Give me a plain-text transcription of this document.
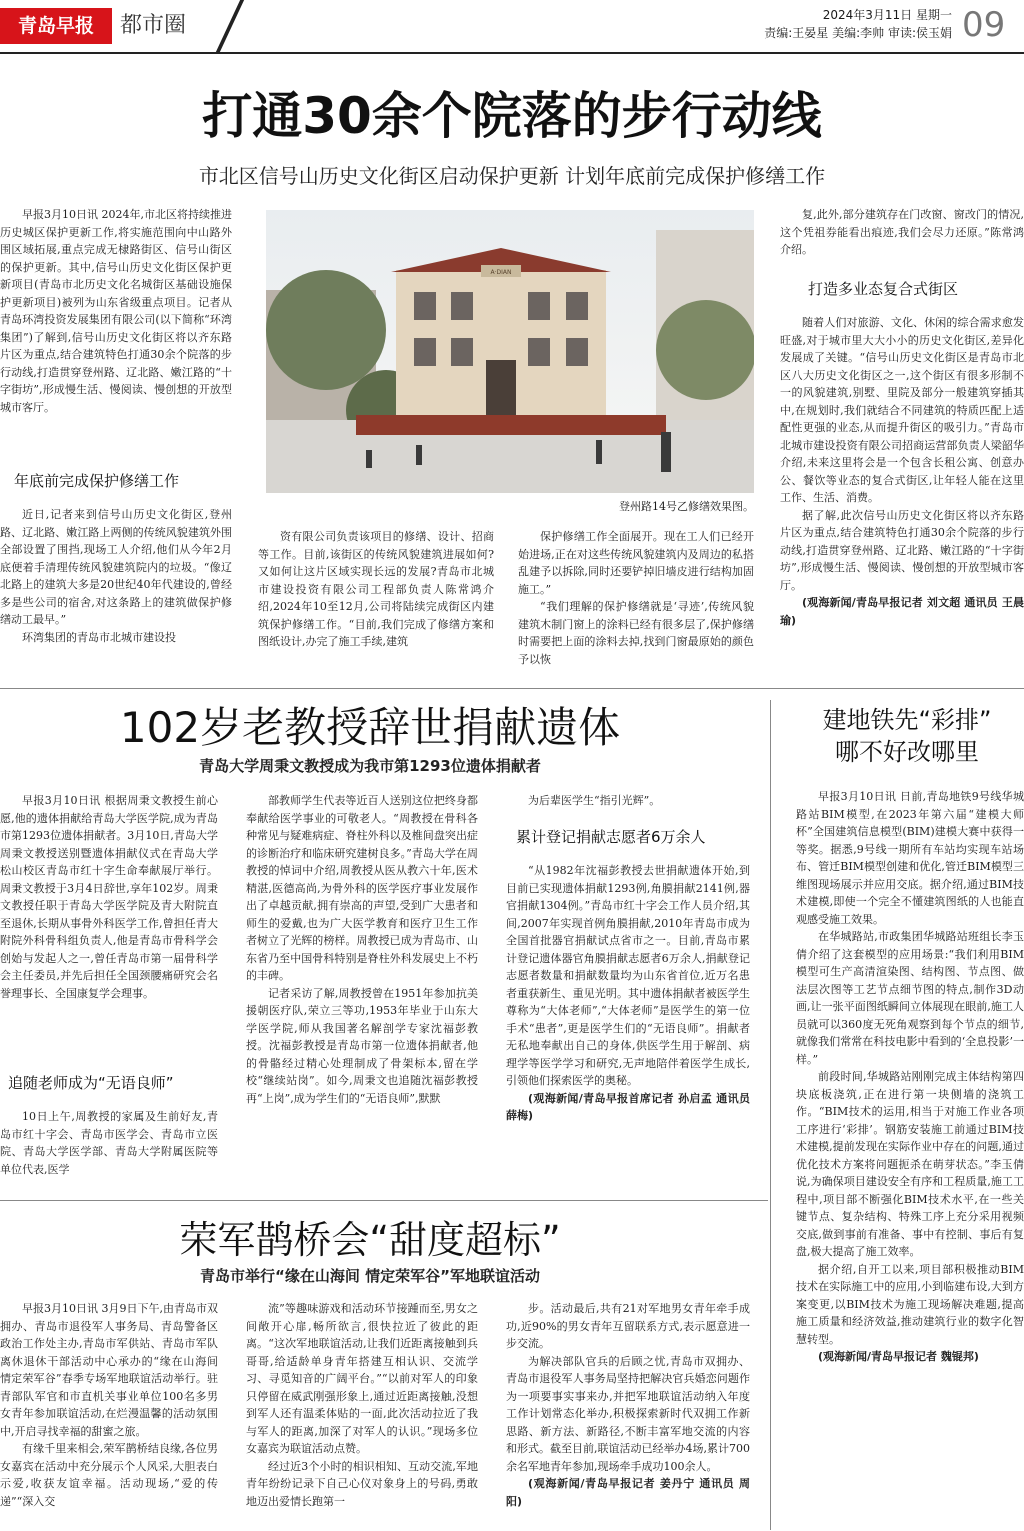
青岛早报	都市圈	2024年3月11日 星期一
责编:王晏星 美编:李帅 审读:侯玉娟 09
打通30余个院落的步行动线
市北区信号山历史文化街区启动保护更新 计划年底前完成保护修缮工作

早报3月10日讯 2024年,市北区将持续推进历史城区保护更新工作,将实施范围向中山路外围区域拓展,重点完成无棣路街区、信号山街区的保护更新。其中,信号山历史文化街区保护更新项目(青岛市北历史文化名城街区基础设施保护更新项目)被列为山东省级重点项目。记者从青岛环湾投资发展集团有限公司(以下简称“环湾集团”)了解到,信号山历史文化街区将以齐东路片区为重点,结合建筑特色打通30余个院落的步行动线,打造贯穿登州路、辽北路、嫩江路的“十字街坊”,形成慢生活、慢阅读、慢创想的开放型城市客厅。

年底前完成保护修缮工作

近日,记者来到信号山历史文化街区,登州路、辽北路、嫩江路上两侧的传统风貌建筑外围全部设置了围挡,现场工人介绍,他们从今年2月底便着手清理传统风貌建筑院内的垃圾。“像辽北路上的建筑大多是20世纪40年代建设的,曾经多是些公司的宿舍,对这条路上的建筑做保护修缮动工最早。”

环湾集团的青岛市北城市建设投

A·DIAN
登州路14号乙修缮效果图。

资有限公司负责该项目的修缮、设计、招商等工作。目前,该街区的传统风貌建筑进展如何?又如何让这片区域实现长远的发展?青岛市北城市建设投资有限公司工程部负责人陈常鸿介绍,2024年10至12月,公司将陆续完成街区内建筑保护修缮工作。“目前,我们完成了修缮方案和图纸设计,办完了施工手续,建筑

保护修缮工作全面展开。现在工人们已经开始进场,正在对这些传统风貌建筑内及周边的私搭乱建予以拆除,同时还要铲掉旧墙皮进行结构加固施工。”

“我们理解的保护修缮就是‘寻迹’,传统风貌建筑木制门窗上的涂料已经有很多层了,保护修缮时需要把上面的涂料去掉,找到门窗最原始的颜色予以恢

复,此外,部分建筑存在门改窗、窗改门的情况,这个凭祖券能看出痕迹,我们会尽力还原。”陈常鸿介绍。

打造多业态复合式街区

随着人们对旅游、文化、休闲的综合需求愈发旺盛,对于城市里大大小小的历史文化街区,差异化发展成了关键。“信号山历史文化街区是青岛市北区八大历史文化街区之一,这个街区有很多形制不一的风貌建筑,别墅、里院及部分一般建筑穿插其中,在规划时,我们就结合不同建筑的特质匹配上适配性更强的业态,从而提升街区的吸引力。”青岛市北城市建设投资有限公司招商运营部负责人梁韶华介绍,未来这里将会是一个包含长租公寓、创意办公、餐饮等业态的复合式街区,让年轻人能在这里工作、生活、消费。

据了解,此次信号山历史文化街区将以齐东路片区为重点,结合建筑特色打通30余个院落的步行动线,打造贯穿登州路、辽北路、嫩江路的“十字街坊”,形成慢生活、慢阅读、慢创想的开放型城市客厅。

(观海新闻/青岛早报记者 刘文超 通讯员 王晨瑜)

102岁老教授辞世捐献遗体
青岛大学周秉文教授成为我市第1293位遗体捐献者

早报3月10日讯 根据周秉文教授生前心愿,他的遗体捐献给青岛大学医学院,成为青岛市第1293位遗体捐献者。3月10日,青岛大学周秉文教授送别暨遗体捐献仪式在青岛大学松山校区青岛市红十字生命奉献展厅举行。周秉文教授于3月4日辞世,享年102岁。周秉文教授任职于青岛大学医学院及青大附院直至退休,长期从事骨外科医学工作,曾担任青大附院外科骨科组负责人,他是青岛市骨科学会创始与发起人之一,曾任青岛市第一届骨科学会主任委员,并先后担任全国颈腰痛研究会名誉理事长、全国康复学会理事。

追随老师成为“无语良师”

10日上午,周教授的家属及生前好友,青岛市红十字会、青岛市医学会、青岛市立医院、青岛大学医学部、青岛大学附属医院等单位代表,医学

部教师学生代表等近百人送别这位把终身都奉献给医学事业的可敬老人。“周教授在骨科各种常见与疑难病症、脊柱外科以及椎间盘突出症的诊断治疗和临床研究建树良多。”青岛大学在周教授的悼词中介绍,周教授从医从教六十年,医术精湛,医德高尚,为骨外科的医学医疗事业发展作出了卓越贡献,拥有崇高的声望,受到广大患者和师生的爱戴,也为广大医学教育和医疗卫生工作者树立了光辉的榜样。周教授已成为青岛市、山东省乃至中国骨科特别是脊柱外科发展史上不朽的丰碑。

记者采访了解,周教授曾在1951年参加抗美援朝医疗队,荣立三等功,1953年毕业于山东大学医学院,师从我国著名解剖学专家沈福彭教授。沈福彭教授是青岛市第一位遗体捐献者,他的骨骼经过精心处理制成了骨架标本,留在学校“继续站岗”。如今,周秉文也追随沈福彭教授再“上岗”,成为学生们的“无语良师”,默默

为后辈医学生“指引光辉”。

累计登记捐献志愿者6万余人

“从1982年沈福彭教授去世捐献遗体开始,到目前已实现遗体捐献1293例,角膜捐献2141例,器官捐献1304例。”青岛市红十字会工作人员介绍,其间,2007年实现首例角膜捐献,2010年青岛市成为全国首批器官捐献试点省市之一。目前,青岛市累计登记遗体器官角膜捐献志愿者6万余人,捐献登记志愿者数量和捐献数量均为山东省首位,近万名患者重获新生、重见光明。其中遗体捐献者被医学生尊称为“大体老师”,“大体老师”是医学生的第一位手术“患者”,更是医学生们的“无语良师”。捐献者无私地奉献出自己的身体,供医学生用于解剖、病理学等医学学习和研究,无声地陪伴着医学生成长,引领他们探索医学的奥秘。

(观海新闻/青岛早报首席记者 孙启孟 通讯员 薛梅)

建地铁先“彩排”
哪不好改哪里

早报3月10日讯 日前,青岛地铁9号线华城路站BIM模型,在2023年第六届“建模大师杯”全国建筑信息模型(BIM)建模大赛中获得一等奖。据悉,9号线一期所有车站均实现车站场布、管迁BIM模型创建和优化,管迁BIM模型三维图现场展示并应用交底。据介绍,通过BIM技术建模,即使一个完全不懂建筑图纸的人也能直观感受施工效果。

在华城路站,市政集团华城路站班组长李玉倩介绍了这套模型的应用场景:“我们利用BIM模型可生产高清渲染图、结构图、节点图、做法层次图等工艺节点细节图的特点,制作3D动画,让一张平面图纸瞬间立体展现在眼前,施工人员就可以360度无死角观察到每个节点的细节,就像我们常常在科技电影中看到的‘全息投影’一样。”

前段时间,华城路站刚刚完成主体结构第四块底板浇筑,正在进行第一块侧墙的浇筑工作。“BIM技术的运用,相当于对施工作业各项工序进行‘彩排’。钢筋安装施工前通过BIM技术建模,提前发现在实际作业中存在的问题,通过优化技术方案将问题扼杀在萌芽状态。”李玉倩说,为确保项目建设安全有序和工程质量,施工工程中,项目部不断强化BIM技术水平,在一些关键节点、复杂结构、特殊工序上充分采用视频交底,做到事前有准备、事中有控制、事后有复盘,极大提高了施工效率。

据介绍,自开工以来,项目部积极推动BIM技术在实际施工中的应用,小到临建布设,大到方案变更,以BIM技术为施工现场解决难题,提高施工质量和经济效益,推动建筑行业的数字化智慧转型。

(观海新闻/青岛早报记者 魏锟邦)

荣军鹊桥会“甜度超标”
青岛市举行“缘在山海间 情定荣军谷”军地联谊活动

早报3月10日讯 3月9日下午,由青岛市双拥办、青岛市退役军人事务局、青岛警备区政治工作处主办,青岛市军供站、青岛市军队离休退休干部活动中心承办的“缘在山海间 情定荣军谷”春季专场军地联谊活动举行。驻青部队军官和市直机关事业单位100名多男女青年参加联谊活动,在烂漫温馨的活动氛围中,开启寻找幸福的甜蜜之旅。

有缘千里来相会,荣军鹊桥结良缘,各位男女嘉宾在活动中充分展示个人风采,大胆表白示爱,收获友谊幸福。活动现场,“爱的传递”“深入交

流”等趣味游戏和活动环节接踵而至,男女之间敞开心扉,畅所欲言,很快拉近了彼此的距离。“这次军地联谊活动,让我们近距离接触到兵哥哥,给适龄单身青年搭建互相认识、交流学习、寻觅知音的广阔平台。”“以前对军人的印象只停留在威武刚强形象上,通过近距离接触,没想到军人还有温柔体贴的一面,此次活动拉近了我与军人的距离,加深了对军人的认识。”现场多位女嘉宾为联谊活动点赞。

经过近3个小时的相识相知、互动交流,军地青年纷纷记录下自己心仪对象身上的号码,勇敢地迈出爱情长跑第一

步。活动最后,共有21对军地男女青年牵手成功,近90%的男女青年互留联系方式,表示愿意进一步交流。

为解决部队官兵的后顾之忧,青岛市双拥办、青岛市退役军人事务局坚持把解决官兵婚恋问题作为一项要事实事来办,并把军地联谊活动纳入年度工作计划常态化举办,积极探索新时代双拥工作新思路、新方法、新路径,不断丰富军地交流的内容和形式。截至目前,联谊活动已经举办4场,累计700余名军地青年参加,现场牵手成功100余人。

(观海新闻/青岛早报记者 姜丹宁 通讯员 周阳)
